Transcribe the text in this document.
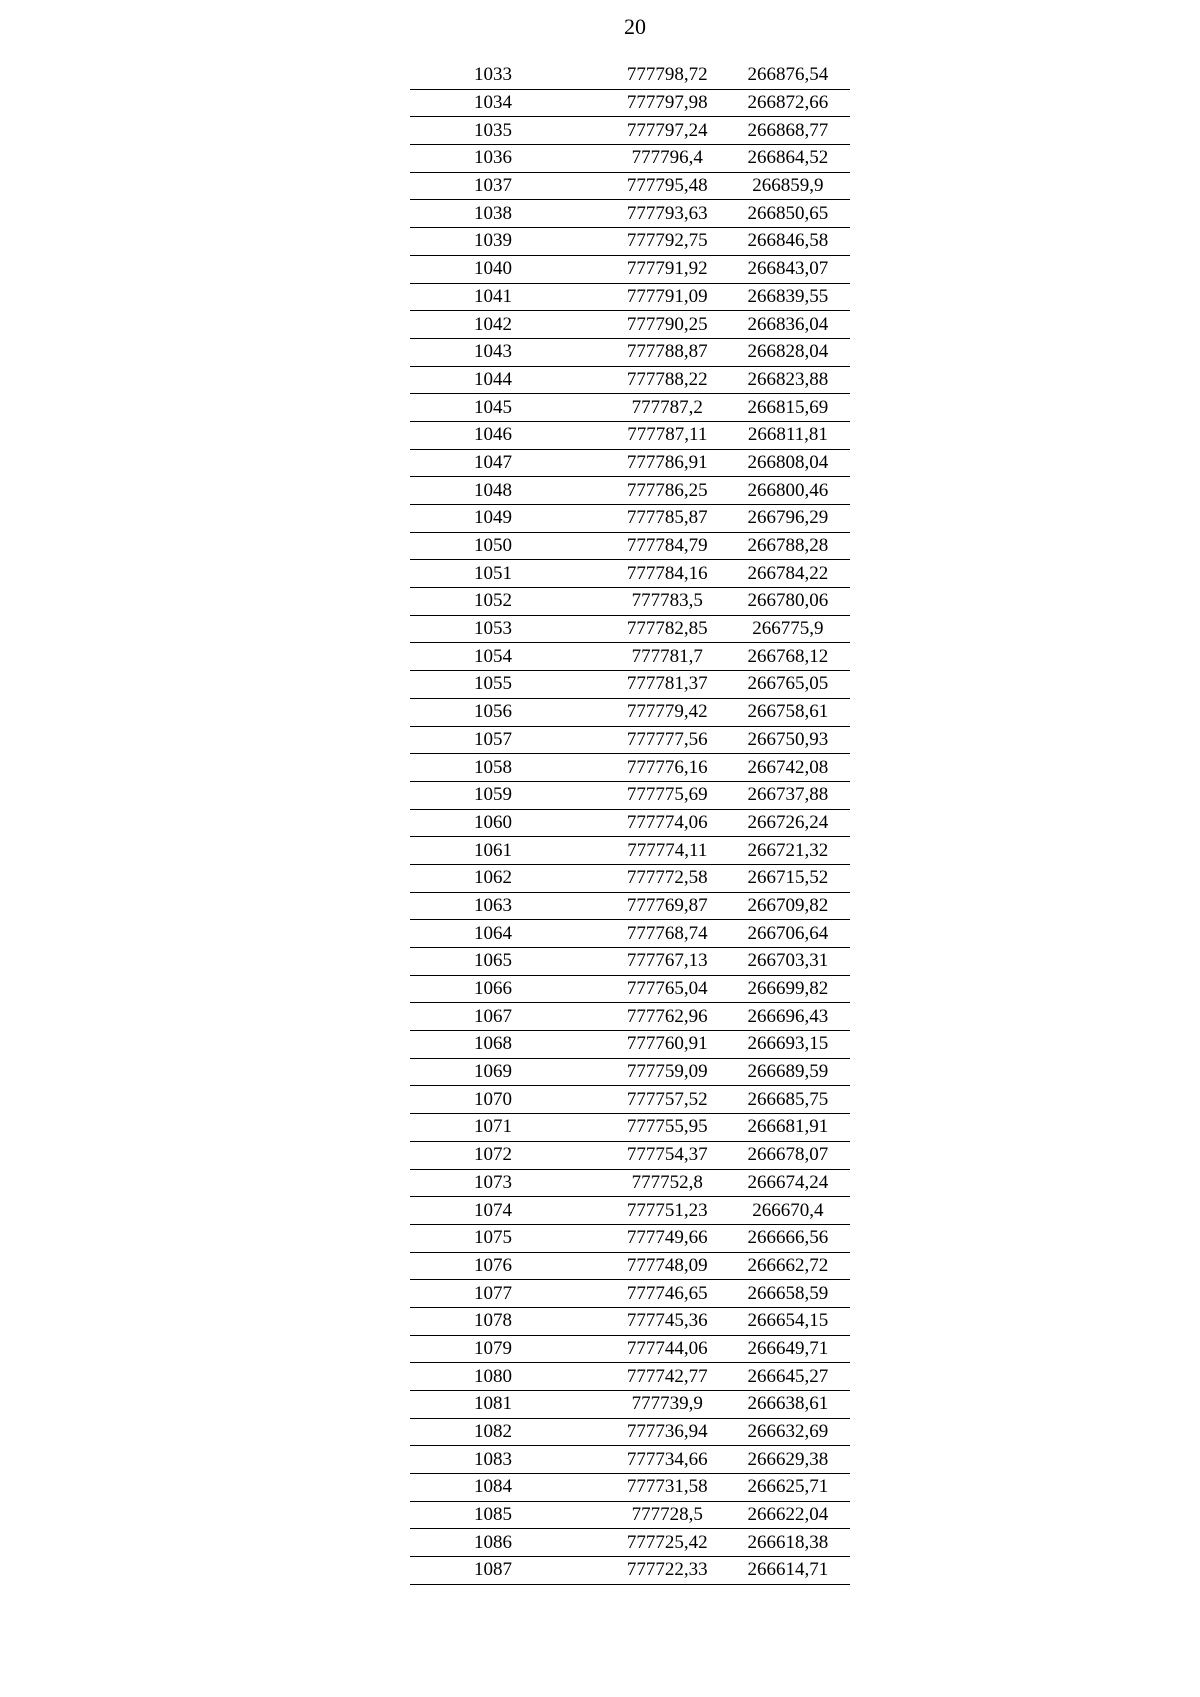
20
1033	777798,72	266876,54
1034	777797,98	266872,66
1035	777797,24	266868,77
1036	777796,4	266864,52
1037	777795,48	266859,9
1038	777793,63	266850,65
1039	777792,75	266846,58
1040	777791,92	266843,07
1041	777791,09	266839,55
1042	777790,25	266836,04
1043	777788,87	266828,04
1044	777788,22	266823,88
1045	777787,2	266815,69
1046	777787,11	266811,81
1047	777786,91	266808,04
1048	777786,25	266800,46
1049	777785,87	266796,29
1050	777784,79	266788,28
1051	777784,16	266784,22
1052	777783,5	266780,06
1053	777782,85	266775,9
1054	777781,7	266768,12
1055	777781,37	266765,05
1056	777779,42	266758,61
1057	777777,56	266750,93
1058	777776,16	266742,08
1059	777775,69	266737,88
1060	777774,06	266726,24
1061	777774,11	266721,32
1062	777772,58	266715,52
1063	777769,87	266709,82
1064	777768,74	266706,64
1065	777767,13	266703,31
1066	777765,04	266699,82
1067	777762,96	266696,43
1068	777760,91	266693,15
1069	777759,09	266689,59
1070	777757,52	266685,75
1071	777755,95	266681,91
1072	777754,37	266678,07
1073	777752,8	266674,24
1074	777751,23	266670,4
1075	777749,66	266666,56
1076	777748,09	266662,72
1077	777746,65	266658,59
1078	777745,36	266654,15
1079	777744,06	266649,71
1080	777742,77	266645,27
1081	777739,9	266638,61
1082	777736,94	266632,69
1083	777734,66	266629,38
1084	777731,58	266625,71
1085	777728,5	266622,04
1086	777725,42	266618,38
1087	777722,33	266614,71
